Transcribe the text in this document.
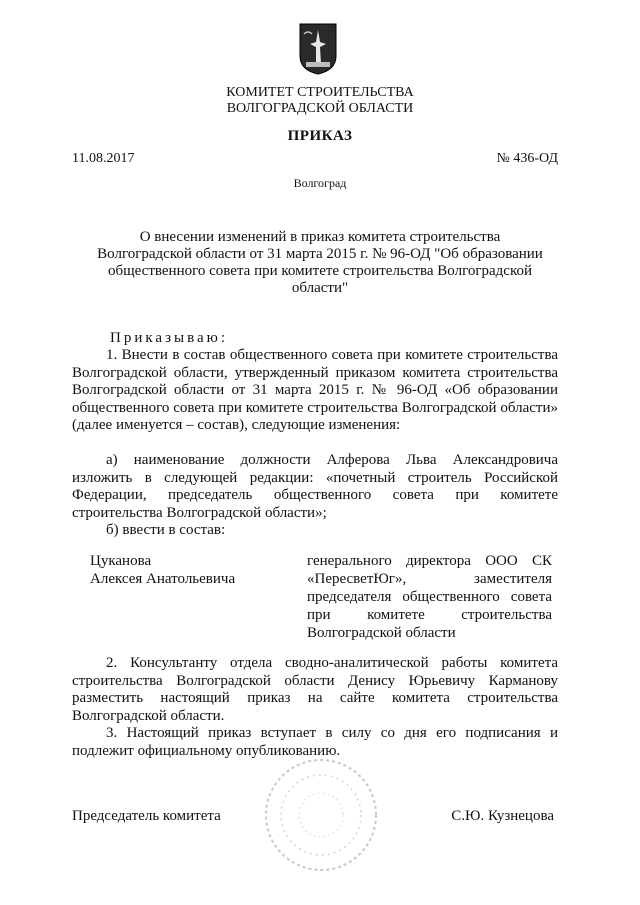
КОМИТЕТ СТРОИТЕЛЬСТВА
ВОЛГОГРАДСКОЙ ОБЛАСТИ
ПРИКАЗ
11.08.2017	№ 436-ОД
Волгоград
О внесении изменений в приказ комитета строительства
Волгоградской области от 31 марта 2015 г. № 96-ОД "Об образовании
общественного совета при комитете строительства Волгоградской
области"

Приказываю:

1. Внести в состав общественного совета при комитете строительства Волгоградской области, утвержденный приказом комитета строительства Волгоградской области от 31 марта 2015 г. № 96-ОД «Об образовании общественного совета при комитете строительства Волгоградской области» (далее именуется – состав), следующие изменения:

а) наименование должности Алферова Льва Александровича изложить в следующей редакции: «почетный строитель Российской Федерации, председатель общественного совета при комитете строительства Волгоградской области»;

б) ввести в состав:

Цуканова
Алексея Анатольевича
генерального директора ООО СК «ПересветЮг», заместителя председателя общественного совета при комитете строительства Волгоградской области

2. Консультанту отдела сводно-аналитической работы комитета строительства Волгоградской области Денису Юрьевичу Карманову разместить настоящий приказ на сайте комитета строительства Волгоградской области.

3. Настоящий приказ вступает в силу со дня его подписания и подлежит официальному опубликованию.

Председатель комитета	С.Ю. Кузнецова
